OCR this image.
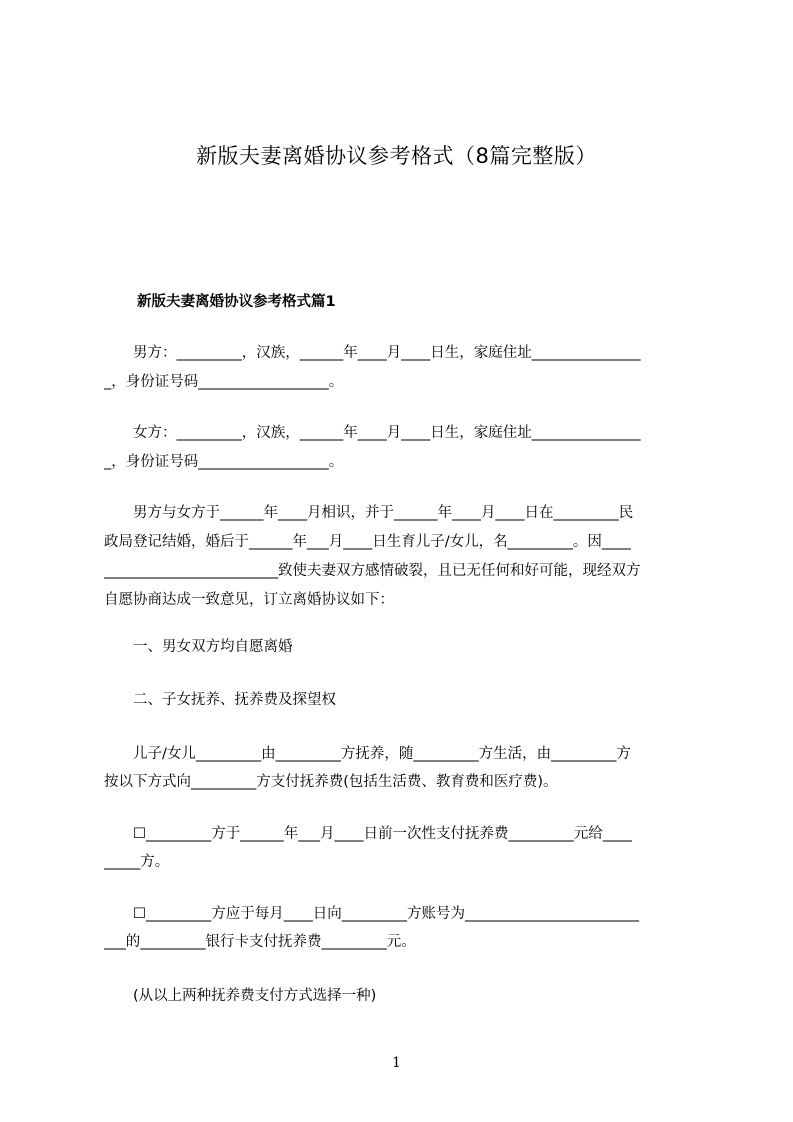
新版夫妻离婚协议参考格式（8篇完整版）
新版夫妻离婚协议参考格式篇1
　　男方：_________，汉族，______年____月____日生，家庭住址_______________
_，身份证号码__________________。
　　女方：_________，汉族，______年____月____日生，家庭住址_______________
_，身份证号码__________________。
　　男方与女方于______年____月相识，并于______年____月____日在_________民
政局登记结婚，婚后于______年___月____日生育儿子/女儿，名_________。因____
________________________致使夫妻双方感情破裂，且已无任何和好可能，现经双方
自愿协商达成一致意见，订立离婚协议如下：
　　一、男女双方均自愿离婚
　　二、子女抚养、抚养费及探望权
　　儿子/女儿_________由_________方抚养，随_________方生活，由_________方
按以下方式向_________方支付抚养费(包括生活费、教育费和医疗费)。
　　☐_________方于______年___月____日前一次性支付抚养费_________元给____
_____方。
　　☐_________方应于每月____日向_________方账号为________________________
___的_________银行卡支付抚养费_________元。
　　(从以上两种抚养费支付方式选择一种)
1
